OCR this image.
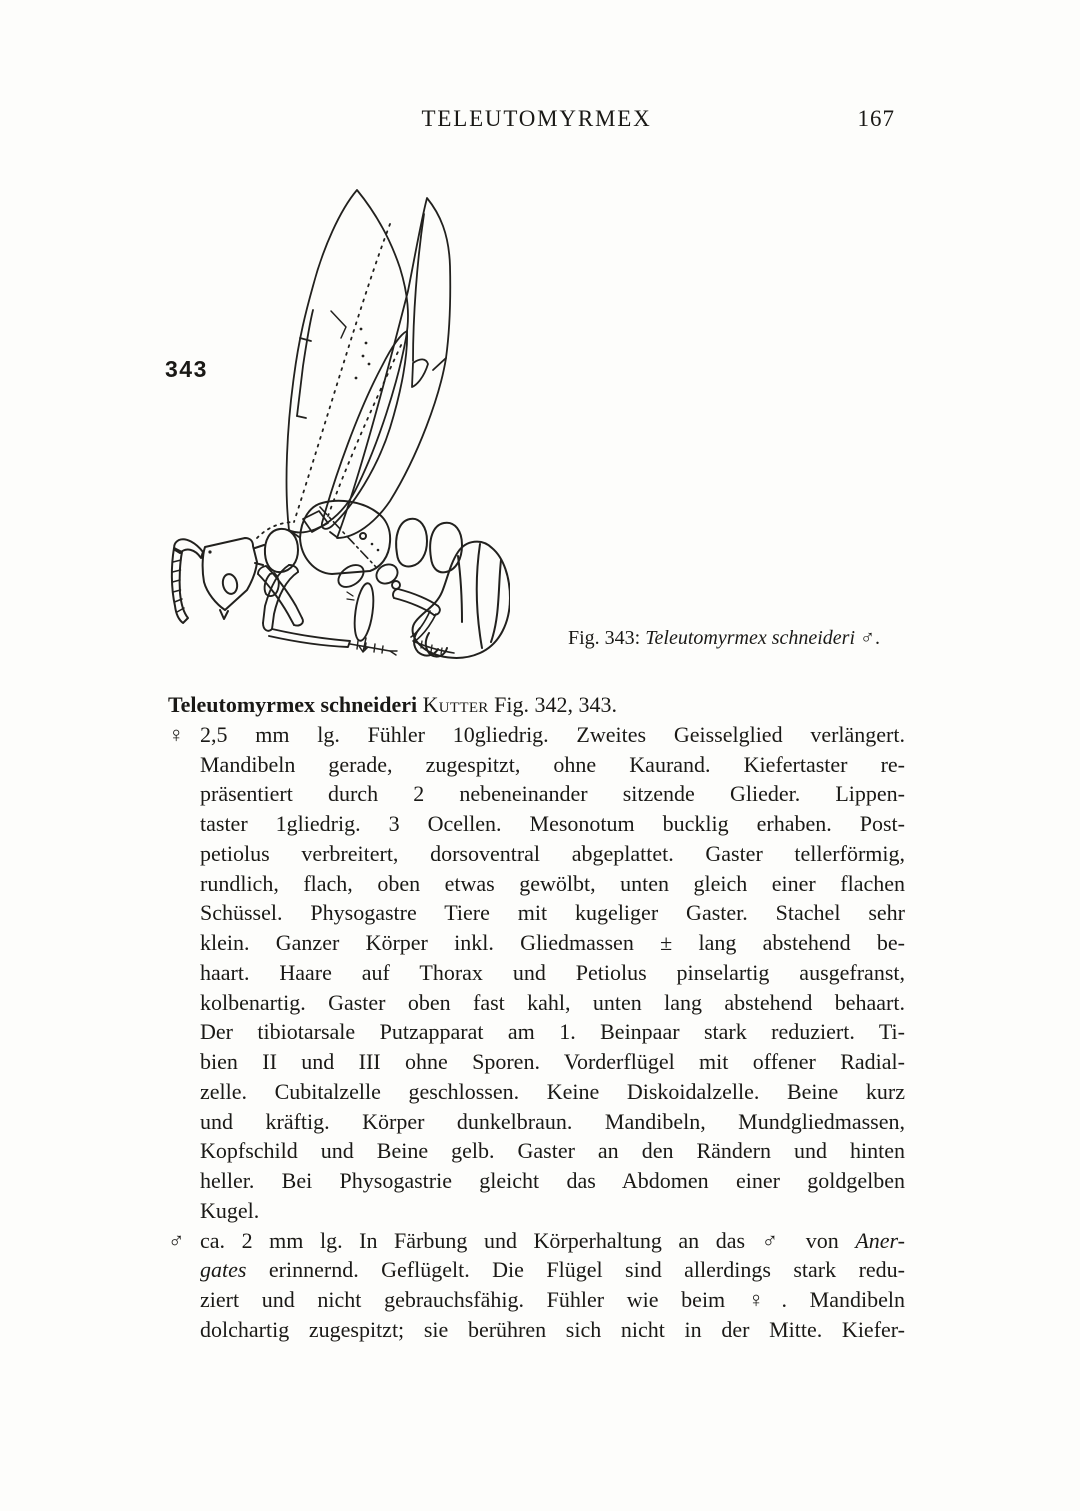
TELEUTOMYRMEX	167
343
Fig. 343: Teleutomyrmex schneideri ♂.
Teleutomyrmex schneideri Kutter Fig. 342, 343.
♀ 2,5 mm lg. Fühler 10gliedrig. Zweites Geisselglied verlängert.
Mandibeln gerade, zugespitzt, ohne Kaurand. Kiefertaster re-
präsentiert durch 2 nebeneinander sitzende Glieder. Lippen-
taster 1gliedrig. 3 Ocellen. Mesonotum bucklig erhaben. Post-
petiolus verbreitert, dorsoventral abgeplattet. Gaster tellerförmig,
rundlich, flach, oben etwas gewölbt, unten gleich einer flachen
Schüssel. Physogastre Tiere mit kugeliger Gaster. Stachel sehr
klein. Ganzer Körper inkl. Gliedmassen ± lang abstehend be-
haart. Haare auf Thorax und Petiolus pinselartig ausgefranst,
kolbenartig. Gaster oben fast kahl, unten lang abstehend behaart.
Der tibiotarsale Putzapparat am 1. Beinpaar stark reduziert. Ti-
bien II und III ohne Sporen. Vorderflügel mit offener Radial-
zelle. Cubitalzelle geschlossen. Keine Diskoidalzelle. Beine kurz
und kräftig. Körper dunkelbraun. Mandibeln, Mundgliedmassen,
Kopfschild und Beine gelb. Gaster an den Rändern und hinten
heller. Bei Physogastrie gleicht das Abdomen einer goldgelben
Kugel.
♂ ca. 2 mm lg. In Färbung und Körperhaltung an das ♂ von Aner-
gates erinnernd. Geflügelt. Die Flügel sind allerdings stark redu-
ziert und nicht gebrauchsfähig. Fühler wie beim ♀. Mandibeln
dolchartig zugespitzt; sie berühren sich nicht in der Mitte. Kiefer-
